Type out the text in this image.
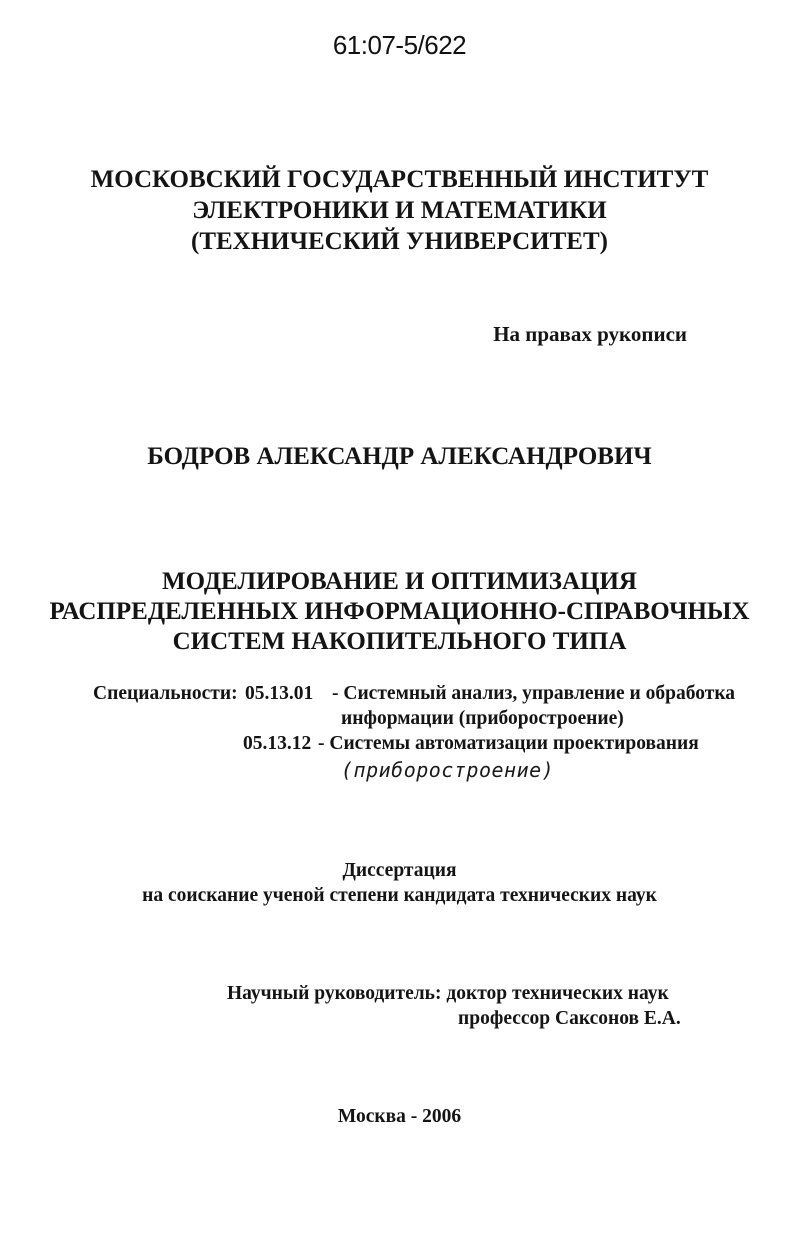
61:07-5/622
МОСКОВСКИЙ ГОСУДАРСТВЕННЫЙ ИНСТИТУТ
ЭЛЕКТРОНИКИ И МАТЕМАТИКИ
(ТЕХНИЧЕСКИЙ УНИВЕРСИТЕТ)
На правах рукописи
БОДРОВ АЛЕКСАНДР АЛЕКСАНДРОВИЧ
МОДЕЛИРОВАНИЕ И ОПТИМИЗАЦИЯ
РАСПРЕДЕЛЕННЫХ ИНФОРМАЦИОННО-СПРАВОЧНЫХ
СИСТЕМ НАКОПИТЕЛЬНОГО ТИПА
Специальности: 05.13.01 - Системный анализ, управление и обработка
информации (приборостроение)
05.13.12 - Системы автоматизации проектирования
(приборостроение)
Диссертация
на соискание ученой степени кандидата технических наук
Научный руководитель: доктор технических наук
профессор Саксонов Е.А.
Москва - 2006
